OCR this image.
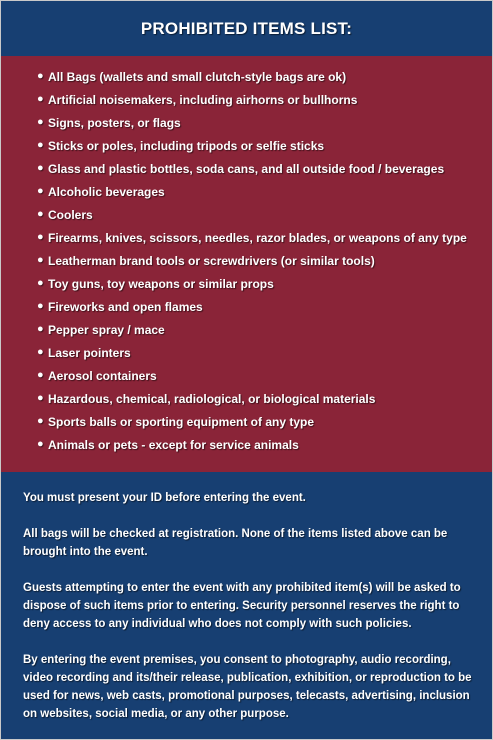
PROHIBITED ITEMS LIST:
● All Bags (wallets and small clutch-style bags are ok)
● Artificial noisemakers, including airhorns or bullhorns
● Signs, posters, or flags
● Sticks or poles, including tripods or selfie sticks
● Glass and plastic bottles, soda cans, and all outside food / beverages
● Alcoholic beverages
● Coolers
● Firearms, knives, scissors, needles, razor blades, or weapons of any type
● Leatherman brand tools or screwdrivers (or similar tools)
● Toy guns, toy weapons or similar props
● Fireworks and open flames
● Pepper spray / mace
● Laser pointers
● Aerosol containers
● Hazardous, chemical, radiological, or biological materials
● Sports balls or sporting equipment of any type
● Animals or pets - except for service animals

You must present your ID before entering the event.

All bags will be checked at registration. None of the items listed above can be brought into the event.

Guests attempting to enter the event with any prohibited item(s) will be asked to dispose of such items prior to entering. Security personnel reserves the right to deny access to any individual who does not comply with such policies.

By entering the event premises, you consent to photography, audio recording, video recording and its/their release, publication, exhibition, or reproduction to be used for news, web casts, promotional purposes, telecasts, advertising, inclusion on websites, social media, or any other purpose.
